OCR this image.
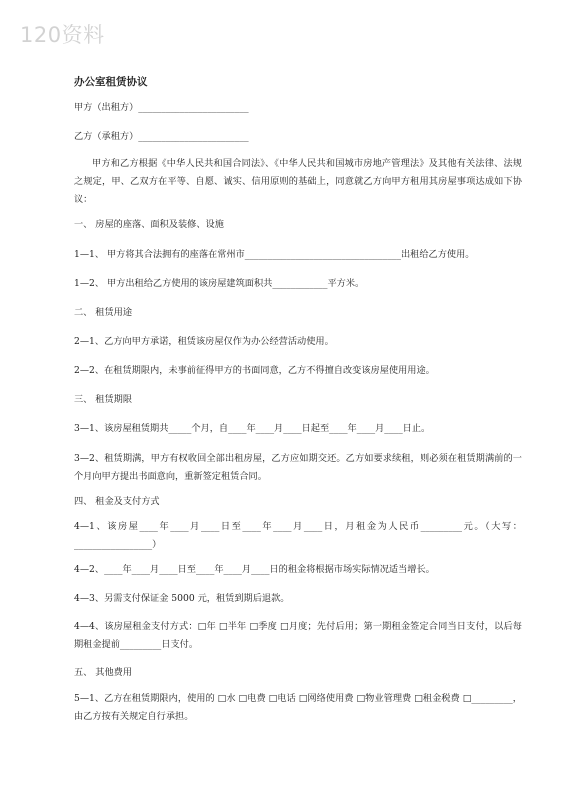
120资料
办公室租赁协议
甲方（出租方）________________________
乙方（承租方）________________________
甲方和乙方根据《中华人民共和国合同法》、《中华人民共和国城市房地产管理法》及其他有关法律、法规之规定，甲、乙双方在平等、自愿、诚实、信用原则的基础上，同意就乙方向甲方租用其房屋事项达成如下协议：
一、 房屋的座落、面积及装修、设施
1—1、 甲方将其合法拥有的座落在常州市__________________________________出租给乙方使用。
1—2、 甲方出租给乙方使用的该房屋建筑面积共____________平方米。
二、 租赁用途
2—1、乙方向甲方承诺，租赁该房屋仅作为办公经营活动使用。
2—2、在租赁期限内，未事前征得甲方的书面同意，乙方不得擅自改变该房屋使用用途。
三、 租赁期限
3—1、该房屋租赁期共_____个月，自____年____月____日起至____年____月____日止。
3—2、租赁期满，甲方有权收回全部出租房屋，乙方应如期交还。乙方如要求续租，则必须在租赁期满前的一个月向甲方提出书面意向，重新签定租赁合同。
四、 租金及支付方式
4—1、该房屋____年____月____日至____年____月____日，月租金为人民币_________元。（大写：_________________）
4—2、____年____月____日至____年____月____日的租金将根据市场实际情况适当增长。
4—3、另需支付保证金 5000 元，租赁到期后退款。
4—4、该房屋租金支付方式：□年 □半年 □季度 □月度；先付后用；第一期租金签定合同当日支付，以后每期租金提前_________日支付。
五、 其他费用
5—1、乙方在租赁期限内，使用的 □水 □电费 □电话 □网络使用费 □物业管理费 □租金税费 □_________，由乙方按有关规定自行承担。
